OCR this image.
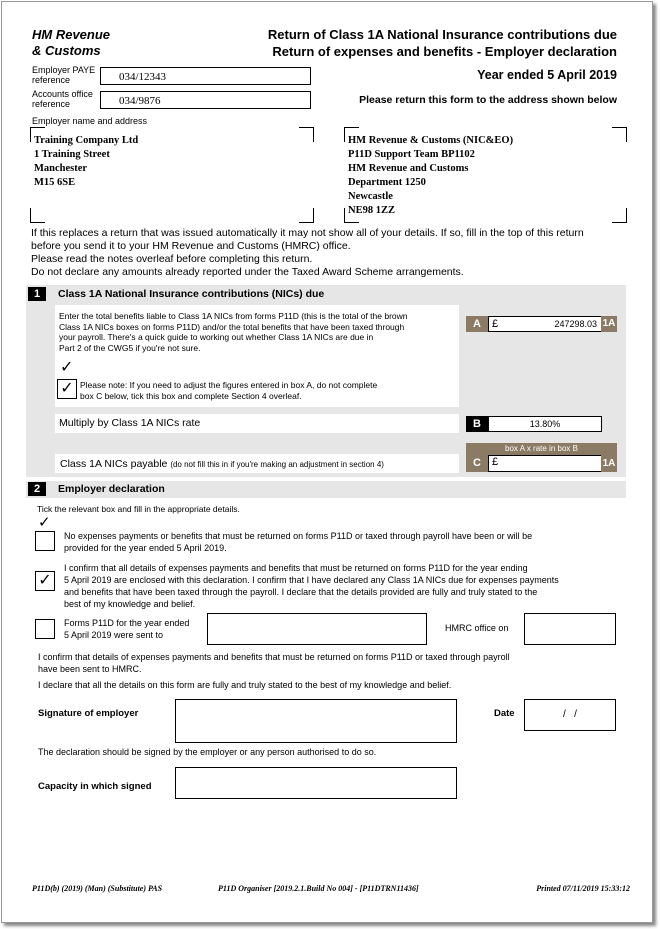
HM Revenue
& Customs
Return of Class 1A National Insurance contributions due
Return of expenses and benefits - Employer declaration
Employer PAYE
reference	034/12343
Accounts office
reference	034/9876
Employer name and address
Year ended 5 April 2019
Please return this form to the address shown below
Training Company Ltd
1 Training Street
Manchester
M15 6SE
HM Revenue & Customs (NIC&EO)
P11D Support Team BP1102
HM Revenue and Customs
Department 1250
Newcastle
NE98 1ZZ
If this replaces a return that was issued automatically it may not show all of your details. If so, fill in the top of this return
before you send it to your HM Revenue and Customs (HMRC) office.
Please read the notes overleaf before completing this return.
Do not declare any amounts already reported under the Taxed Award Scheme arrangements.
1	Class 1A National Insurance contributions (NICs) due
Enter the total benefits liable to Class 1A NICs from forms P11D (this is the total of the brown
Class 1A NICs boxes on forms P11D) and/or the total benefits that have been taxed through
your payroll. There's a quick guide to working out whether Class 1A NICs are due in
Part 2 of the CWG5 if you're not sure.
✓
✓ Please note: If you need to adjust the figures entered in box A, do not complete
box C below, tick this box and complete Section 4 overleaf.
A	£	247298.03 1A
Multiply by Class 1A NICs rate	B	13.80%
box A x rate in box B
C	£	1A
Class 1A NICs payable (do not fill this in if you're making an adjustment in section 4)
2	Employer declaration
Tick the relevant box and fill in the appropriate details.
✓
No expenses payments or benefits that must be returned on forms P11D or taxed through payroll have been or will be
provided for the year ended 5 April 2019.
✓
I confirm that all details of expenses payments and benefits that must be returned on forms P11D for the year ending
5 April 2019 are enclosed with this declaration. I confirm that I have declared any Class 1A NICs due for expenses payments
and benefits that have been taxed through the payroll. I declare that the details provided are fully and truly stated to the
best of my knowledge and belief.
Forms P11D for the year ended
5 April 2019 were sent to
HMRC office on
I confirm that details of expenses payments and benefits that must be returned on forms P11D or taxed through payroll
have been sent to HMRC.
I declare that all the details on this form are fully and truly stated to the best of my knowledge and belief.
Signature of employer	Date	/   /
The declaration should be signed by the employer or any person authorised to do so.
Capacity in which signed
P11D(b) (2019) (Man) (Substitute) PAS	P11D Organiser [2019.2.1.Build No 004] - [P11DTRN11436]	Printed 07/11/2019 15:33:12
